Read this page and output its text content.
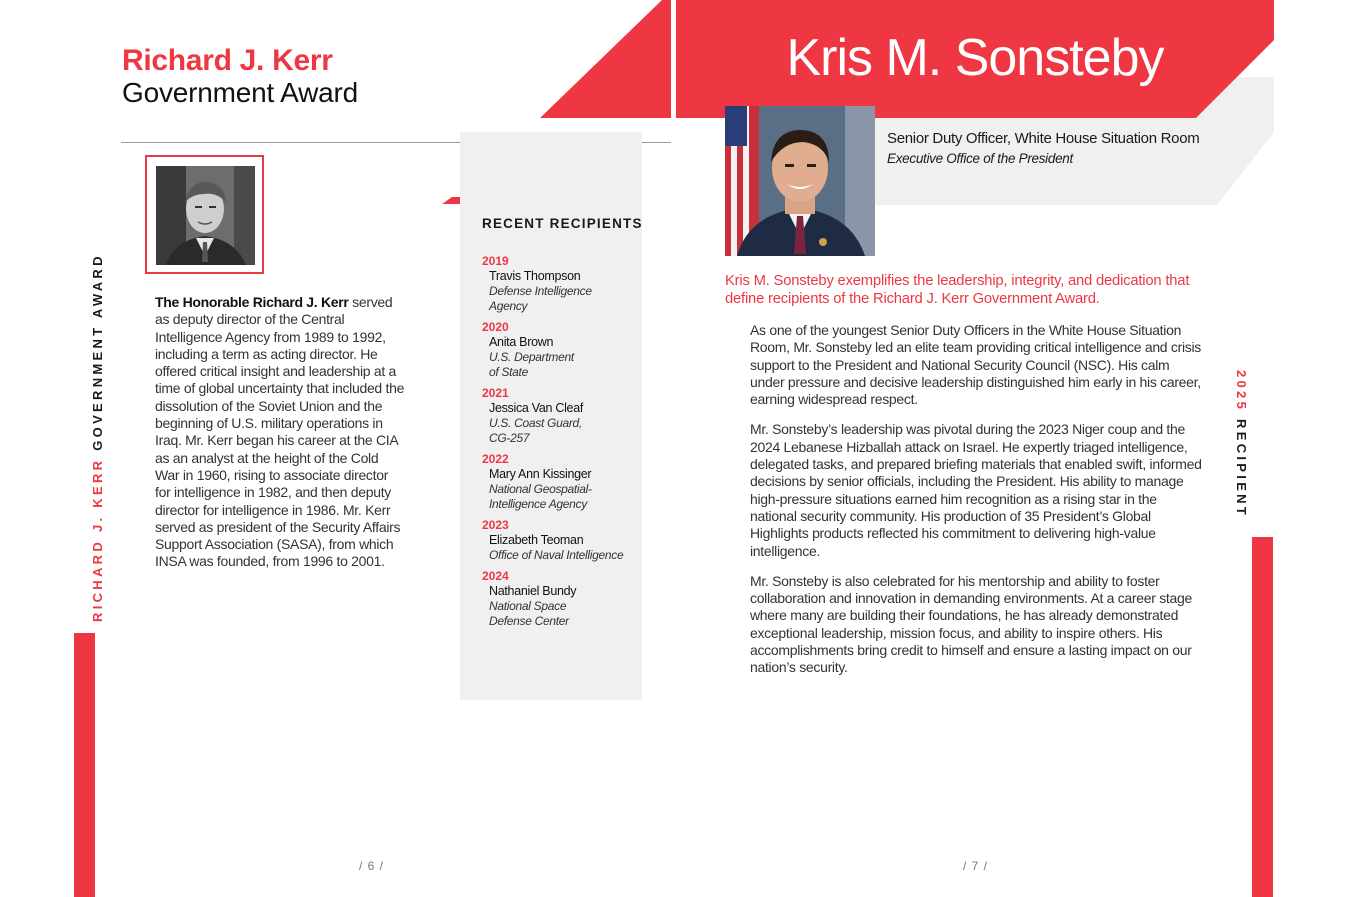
RICHARD J. KERR GOVERNMENT AWARD
Richard J. Kerr
Government Award
The Honorable Richard J. Kerr served as deputy director of the Central Intelligence Agency from 1989 to 1992, including a term as acting director. He offered critical insight and leadership at a time of global uncertainty that included the dissolution of the Soviet Union and the beginning of U.S. military operations in Iraq. Mr. Kerr began his career at the CIA as an analyst at the height of the Cold War in 1960, rising to associate director for intelligence in 1982, and then deputy director for intelligence in 1986. Mr. Kerr served as president of the Security Affairs Support Association (SASA), from which INSA was founded, from 1996 to 2001.
RECENT RECIPIENTS
2019
Travis Thompson
Defense Intelligence
Agency
2020
Anita Brown
U.S. Department
of State
2021
Jessica Van Cleaf
U.S. Coast Guard,
CG-257
2022
Mary Ann Kissinger
National Geospatial-
Intelligence Agency
2023
Elizabeth Teoman
Office of Naval Intelligence
2024
Nathaniel Bundy
National Space
Defense Center
/ 6 /
Kris M. Sonsteby
Senior Duty Officer, White House Situation Room
Executive Office of the President
Kris M. Sonsteby exemplifies the leadership, integrity, and dedication that define recipients of the Richard J. Kerr Government Award.

As one of the youngest Senior Duty Officers in the White House Situation Room, Mr. Sonsteby led an elite team providing critical intelligence and crisis support to the President and National Security Council (NSC). His calm under pressure and decisive leadership distinguished him early in his career, earning widespread respect.

Mr. Sonsteby’s leadership was pivotal during the 2023 Niger coup and the 2024 Lebanese Hizballah attack on Israel. He expertly triaged intelligence, delegated tasks, and prepared briefing materials that enabled swift, informed decisions by senior officials, including the President. His ability to manage high-pressure situations earned him recognition as a rising star in the national security community. His production of 35 President’s Global Highlights products reflected his commitment to delivering high-value intelligence.

Mr. Sonsteby is also celebrated for his mentorship and ability to foster collaboration and innovation in demanding environments. At a career stage where many are building their foundations, he has already demonstrated exceptional leadership, mission focus, and ability to inspire others. His accomplishments bring credit to himself and ensure a lasting impact on our nation’s security.

2025 RECIPIENT
/ 7 /
